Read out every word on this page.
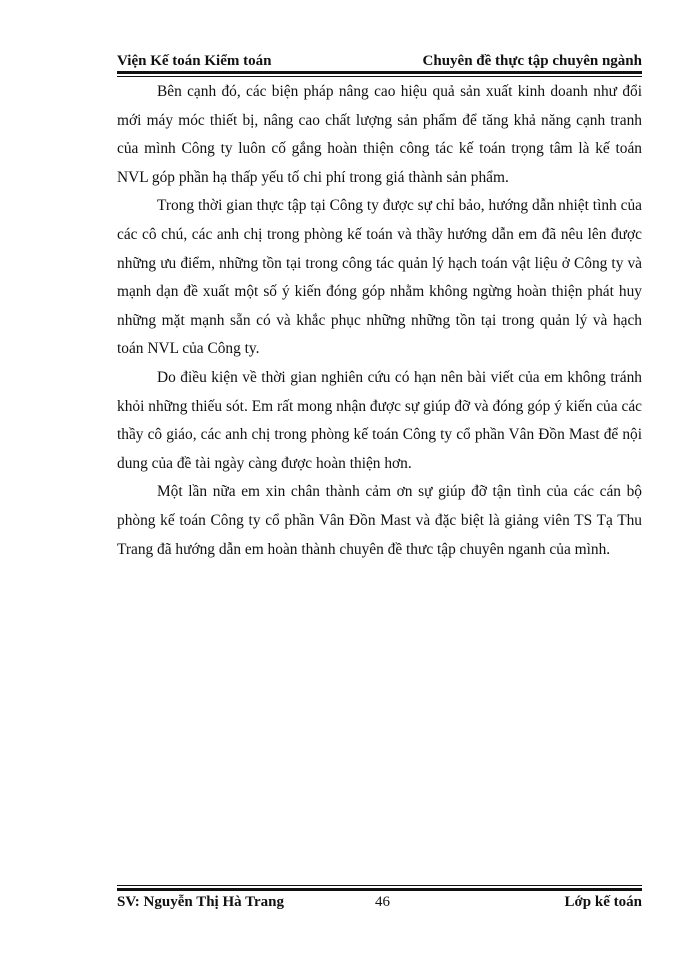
Viện Kế toán Kiểm toán	Chuyên đề thực tập chuyên ngành

Bên cạnh đó, các biện pháp nâng cao hiệu quả sản xuất kinh doanh như đổi mới máy móc thiết bị, nâng cao chất lượng sản phẩm để tăng khả năng cạnh tranh của mình Công ty luôn cố gắng hoàn thiện công tác kế toán trọng tâm là kế toán NVL góp phần hạ thấp yếu tố chi phí trong giá thành sản phẩm.

Trong thời gian thực tập tại Công ty được sự chỉ bảo, hướng dẫn nhiệt tình của các cô chú, các anh chị trong phòng kế toán và thầy hướng dẫn em đã nêu lên được những ưu điểm, những tồn tại trong công tác quản lý hạch toán vật liệu ở Công ty và mạnh dạn đề xuất một số ý kiến đóng góp nhằm không ngừng hoàn thiện phát huy những mặt mạnh sẵn có và khắc phục những những tồn tại trong quản lý và hạch toán NVL của Công ty.

Do điều kiện về thời gian nghiên cứu có hạn nên bài viết của em không tránh khỏi những thiếu sót. Em rất mong nhận được sự giúp đỡ và đóng góp ý kiến của các thầy cô giáo, các anh chị trong phòng kế toán Công ty cổ phần Vân Đồn Mast để nội dung của đề tài ngày càng được hoàn thiện hơn.

Một lần nữa em xin chân thành cảm ơn sự giúp đỡ tận tình của các cán bộ phòng kế toán Công ty cổ phần Vân Đồn Mast và đặc biệt là giảng viên TS Tạ Thu Trang đã hướng dẫn em hoàn thành chuyên đề thưc tập chuyên nganh của mình.

SV: Nguyễn Thị Hà Trang	46	Lớp kế toán
